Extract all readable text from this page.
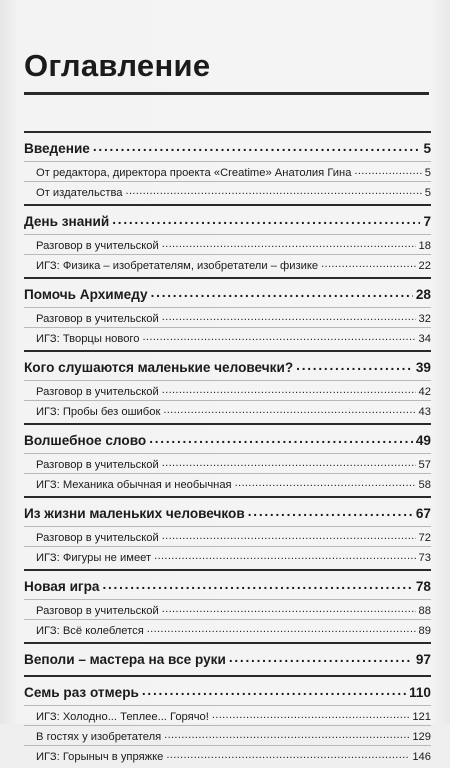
Оглавление
Введение . . .	5
От редактора, директора проекта «Creatime» Анатолия Гина . . .	5
От издательства . . .	5
День знаний . . .	7
Разговор в учительской . . .	18
ИГЗ: Физика – изобретателям, изобретатели – физике . . .	22
Помочь Архимеду . . .	28
Разговор в учительской . . .	32
ИГЗ: Творцы нового . . .	34
Кого слушаются маленькие человечки? . . .	39
Разговор в учительской . . .	42
ИГЗ: Пробы без ошибок . . .	43
Волшебное слово . . .	49
Разговор в учительской . . .	57
ИГЗ: Механика обычная и необычная . . .	58
Из жизни маленьких человечков . . .	67
Разговор в учительской . . .	72
ИГЗ: Фигуры не имеет . . .	73
Новая игра . . .	78
Разговор в учительской . . .	88
ИГЗ: Всё колеблется . . .	89
Веполи – мастера на все руки . . .	97
Семь раз отмерь . . .	110
ИГЗ: Холодно... Теплее... Горячо! . . .	121
В гостях у изобретателя . . .	129
ИГЗ: Горыныч в упряжке . . .	146
